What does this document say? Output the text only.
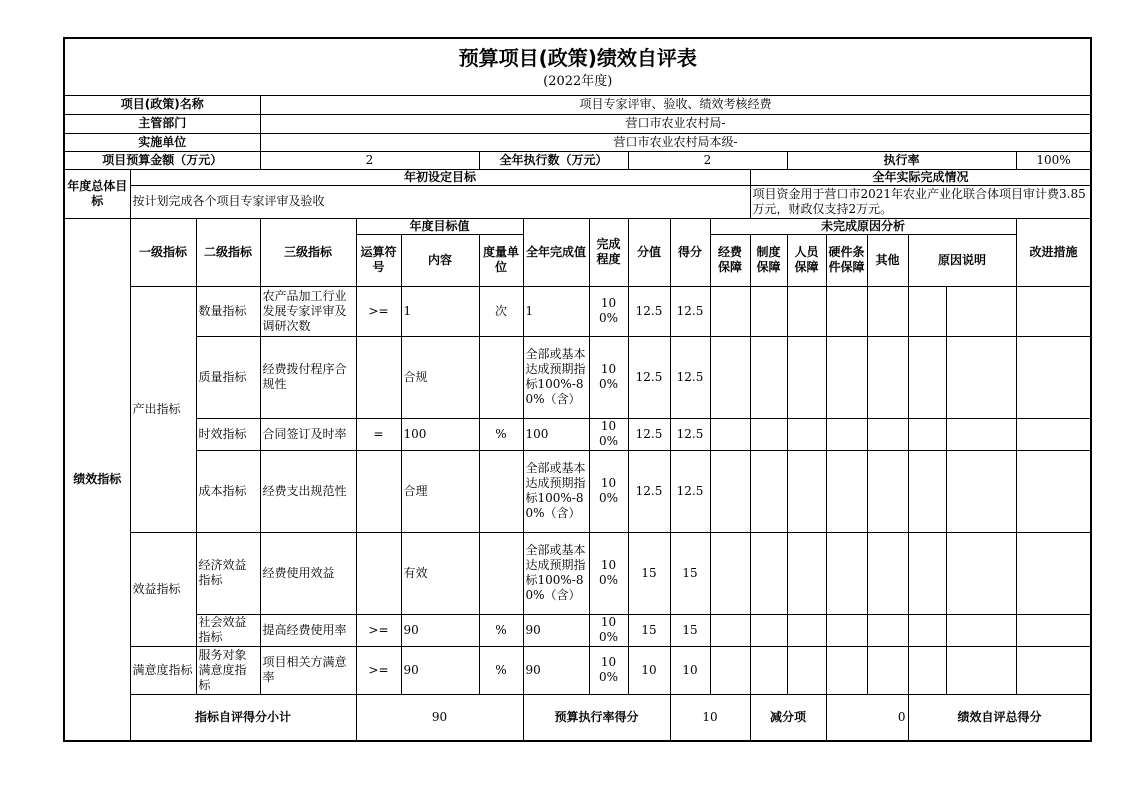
预算项目(政策)绩效自评表
(2022年度)																			

项目(政策)名称			项目专家评审、验收、绩效考核经费																
主管部门			营口市农业农村局-																
实施单位			营口市农业农村局本级-																
项目预算金额（万元）			2			全年执行数（万元）			2				执行率					100%	
年度总体目标	年初设定目标											全年实际完成情况							
	按计划完成各个项目专家评审及验收											项目资金用于营口市2021年农业产业化联合体项目审计费3.85万元，财政仅支持2万元。							
绩效指标	一级指标	二级指标	三级指标	年度目标值			全年完成值	完成程度	分值	得分	未完成原因分析							改进措施	
				运算符号	内容	度量单位					经费保障	制度保障	人员保障	硬件条件保障	其他	原因说明			
	产出指标	数量指标	农产品加工行业发展专家评审及调研次数	>=	1	次	1	100%	12.5	12.5									
		质量指标	经费拨付程序合规性		合规		全部或基本达成预期指标100%-80%（含）	100%	12.5	12.5									
		时效指标	合同签订及时率	=	100	%	100	100%	12.5	12.5									
		成本指标	经费支出规范性		合理		全部或基本达成预期指标100%-80%（含）	100%	12.5	12.5									
	效益指标	经济效益指标	经费使用效益		有效		全部或基本达成预期指标100%-80%（含）	100%	15	15									
		社会效益指标	提高经费使用率	>=	90	%	90	100%	15	15									
	满意度指标	服务对象满意度指标	项目相关方满意率	>=	90	%	90	100%	10	10									
	指标自评得分小计			90			预算执行率得分			10		减分项		0		绩效自评总得分	
